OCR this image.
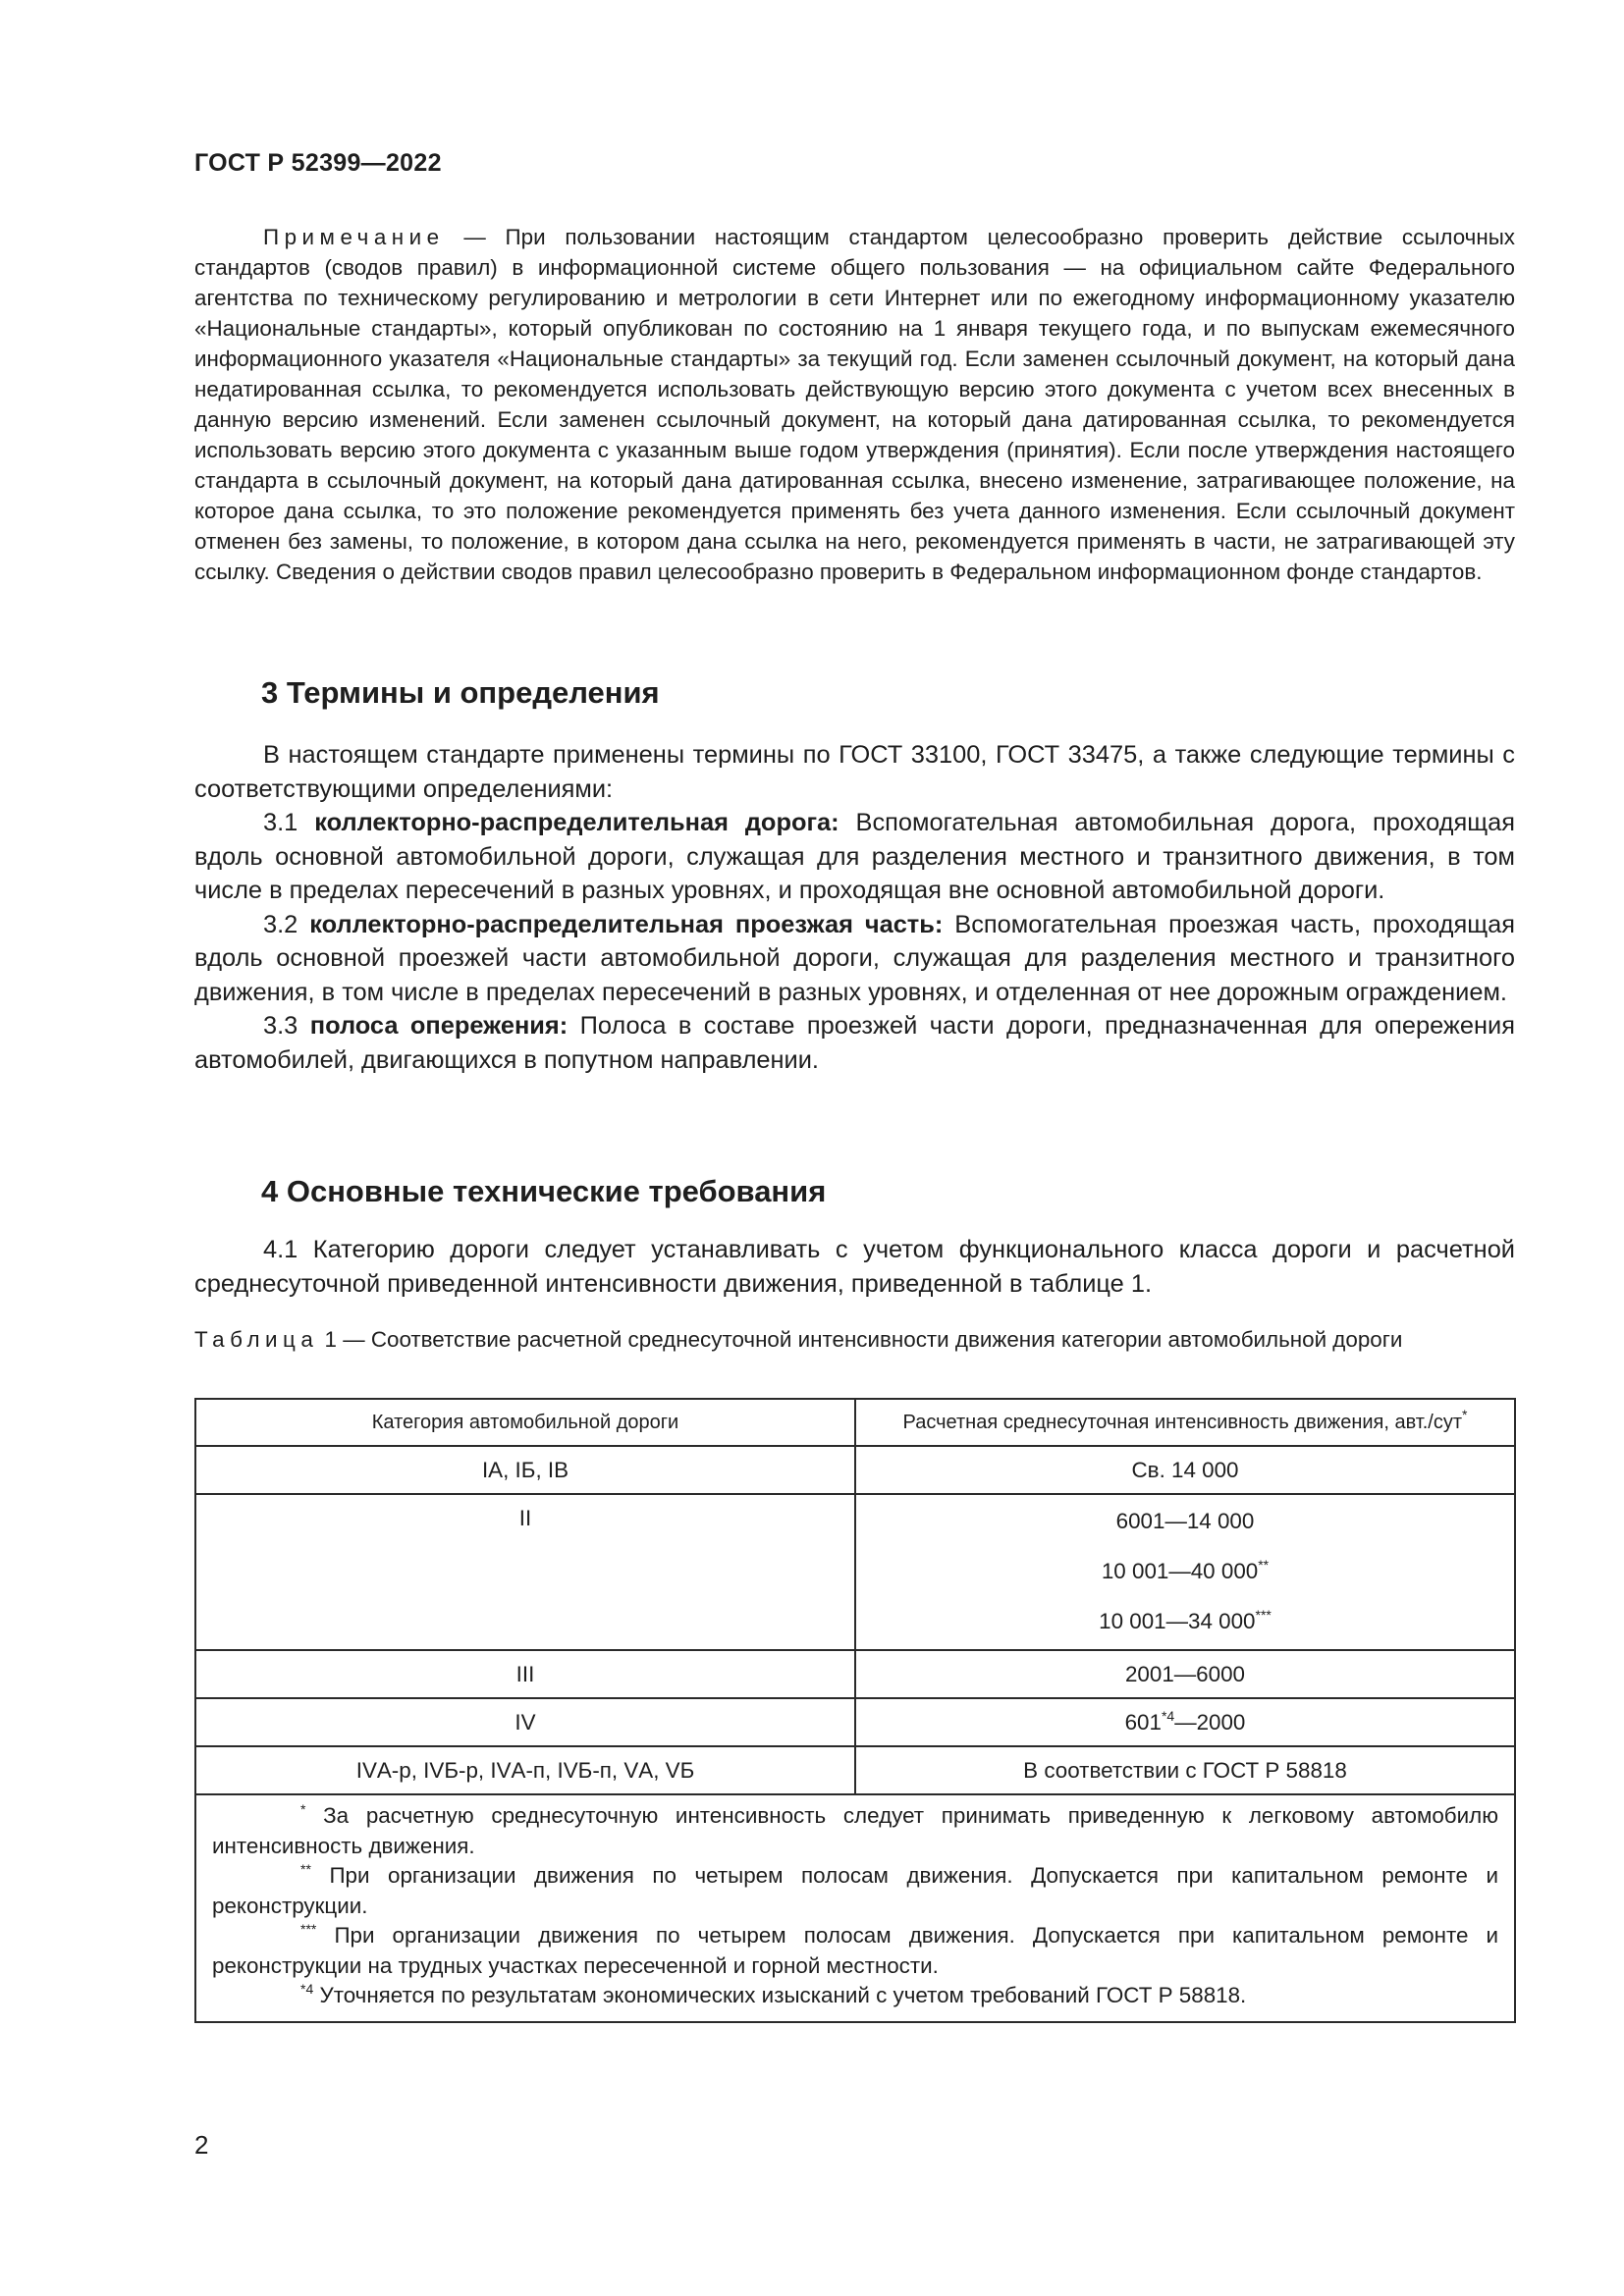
ГОСТ Р 52399—2022
Примечание — При пользовании настоящим стандартом целесообразно проверить действие ссылочных стандартов (сводов правил) в информационной системе общего пользования — на официальном сайте Федерального агентства по техническому регулированию и метрологии в сети Интернет или по ежегодному информационному указателю «Национальные стандарты», который опубликован по состоянию на 1 января текущего года, и по выпускам ежемесячного информационного указателя «Национальные стандарты» за текущий год. Если заменен ссылочный документ, на который дана недатированная ссылка, то рекомендуется использовать действующую версию этого документа с учетом всех внесенных в данную версию изменений. Если заменен ссылочный документ, на который дана датированная ссылка, то рекомендуется использовать версию этого документа с указанным выше годом утверждения (принятия). Если после утверждения настоящего стандарта в ссылочный документ, на который дана датированная ссылка, внесено изменение, затрагивающее положение, на которое дана ссылка, то это положение рекомендуется применять без учета данного изменения. Если ссылочный документ отменен без замены, то положение, в котором дана ссылка на него, рекомендуется применять в части, не затрагивающей эту ссылку. Сведения о действии сводов правил целесообразно проверить в Федеральном информационном фонде стандартов.
3 Термины и определения

В настоящем стандарте применены термины по ГОСТ 33100, ГОСТ 33475, а также следующие термины с соответствующими определениями:

3.1 коллекторно-распределительная дорога: Вспомогательная автомобильная дорога, проходящая вдоль основной автомобильной дороги, служащая для разделения местного и транзитного движения, в том числе в пределах пересечений в разных уровнях, и проходящая вне основной автомобильной дороги.

3.2 коллекторно-распределительная проезжая часть: Вспомогательная проезжая часть, проходящая вдоль основной проезжей части автомобильной дороги, служащая для разделения местного и транзитного движения, в том числе в пределах пересечений в разных уровнях, и отделенная от нее дорожным ограждением.

3.3 полоса опережения: Полоса в составе проезжей части дороги, предназначенная для опережения автомобилей, двигающихся в попутном направлении.

4 Основные технические требования

4.1 Категорию дороги следует устанавливать с учетом функционального класса дороги и расчетной среднесуточной приведенной интенсивности движения, приведенной в таблице 1.

Таблица 1 — Соответствие расчетной среднесуточной интенсивности движения категории автомобильной дороги
Категория автомобильной дороги	Расчетная среднесуточная интенсивность движения, авт./сут*

IА, IБ, IВ	Св. 14 000

II	6001—14 000
10 001—40 000**
10 001—34 000***

III	2001—6000

IV	601$^{*4}$—2000

IVА-р, IVБ-р, IVА-п, IVБ-п, VА, VБ	В соответствии с ГОСТ Р 58818

* За расчетную среднесуточную интенсивность следует принимать приведенную к легковому автомобилю интенсивность движения.
** При организации движения по четырем полосам движения. Допускается при капитальном ремонте и реконструкции.
*** При организации движения по четырем полосам движения. Допускается при капитальном ремонте и реконструкции на трудных участках пересеченной и горной местности.
$^{*4}$ Уточняется по результатам экономических изысканий с учетом требований ГОСТ Р 58818.	
2
